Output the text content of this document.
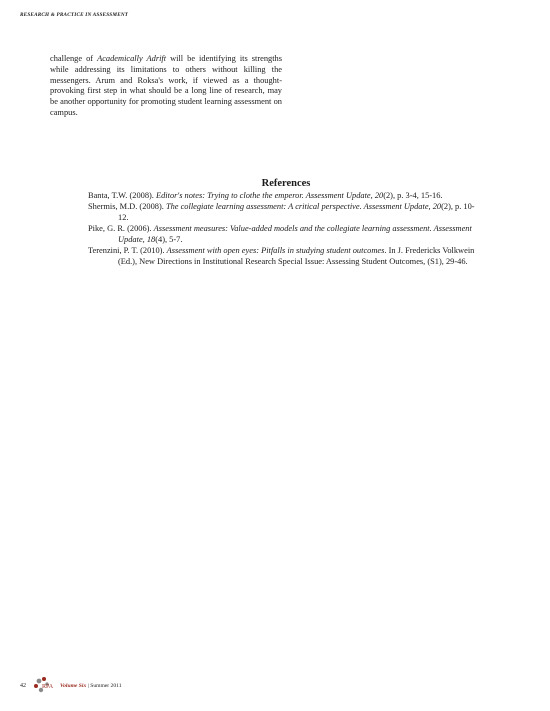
RESEARCH & PRACTICE IN ASSESSMENT

challenge of Academically Adrift will be identifying its strengths while addressing its limitations to others without killing the messengers. Arum and Roksa's work, if viewed as a thought-provoking first step in what should be a long line of research, may be another opportunity for promoting student learning assessment on campus.

References

Banta, T.W. (2008). Editor's notes: Trying to clothe the emperor. Assessment Update, 20(2), p. 3-4, 15-16.

Shermis, M.D. (2008). The collegiate learning assessment: A critical perspective. Assessment Update, 20(2), p. 10-12.

Pike, G. R. (2006). Assessment measures: Value-added models and the collegiate learning assessment. Assessment Update, 18(4), 5-7.

Terenzini, P. T. (2010). Assessment with open eyes: Pitfalls in studying student outcomes. In J. Fredericks Volkwein (Ed.), New Directions in Institutional Research Special Issue: Assessing Student Outcomes, (S1), 29-46.

42	RPA Volume Six | Summer 2011
